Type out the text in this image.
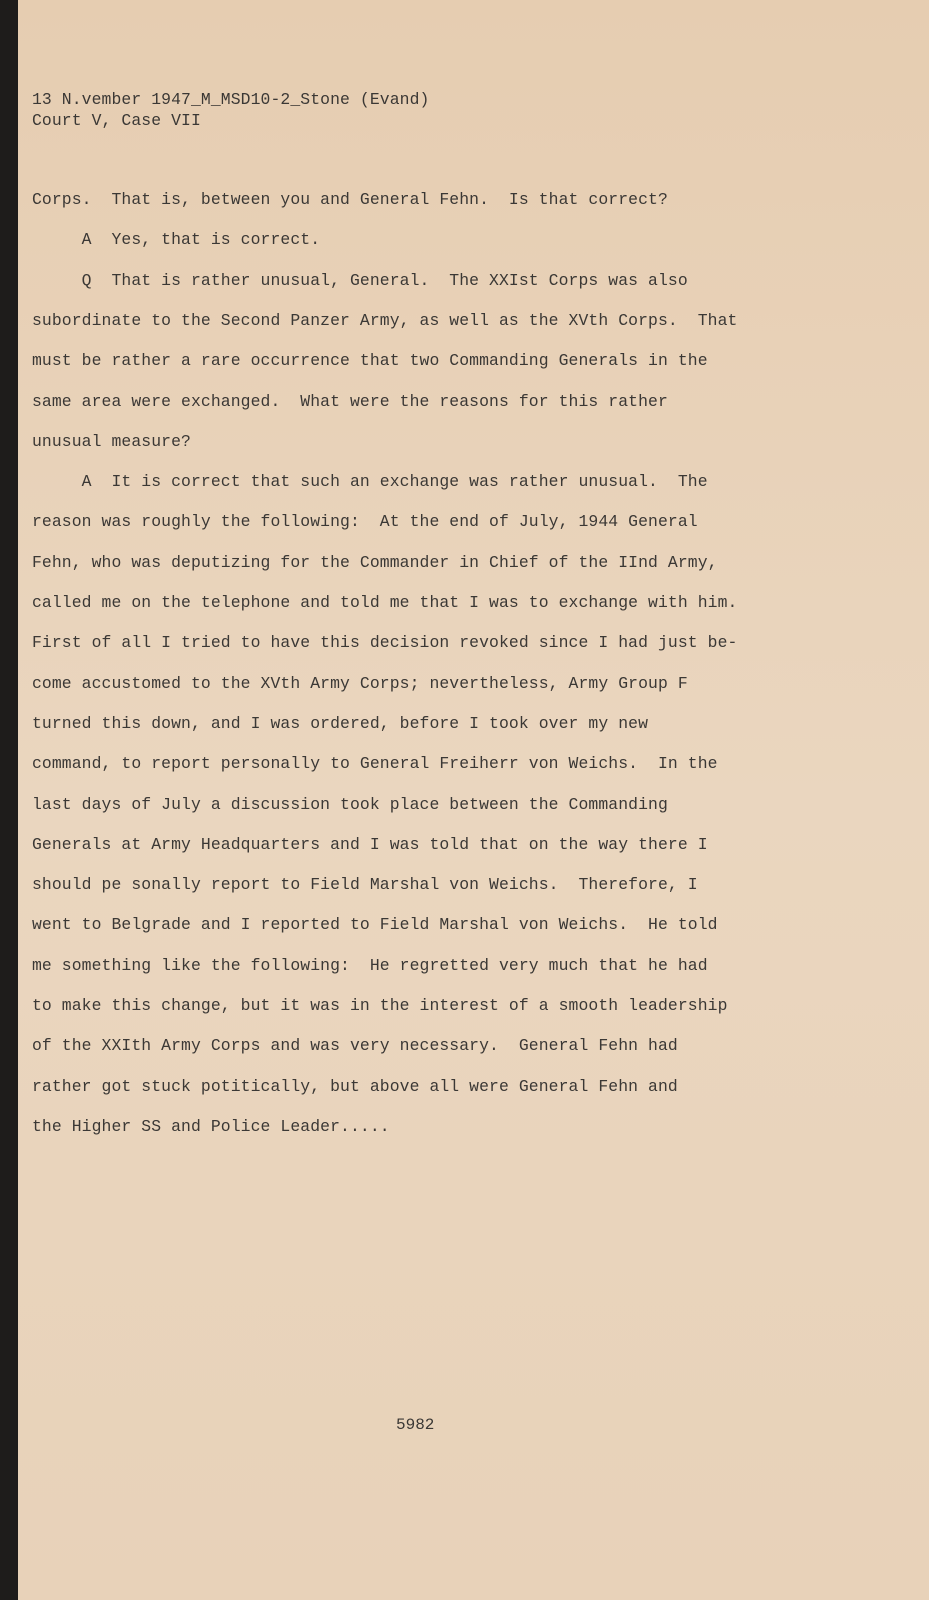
13 N.vember 1947_M_MSD10-2_Stone (Evand)
Court V, Case VII
Corps.  That is, between you and General Fehn.  Is that correct?
A  Yes, that is correct.
Q  That is rather unusual, General.  The XXIst Corps was also
subordinate to the Second Panzer Army, as well as the XVth Corps.  That
must be rather a rare occurrence that two Commanding Generals in the
same area were exchanged.  What were the reasons for this rather
unusual measure?
A  It is correct that such an exchange was rather unusual.  The
reason was roughly the following:  At the end of July, 1944 General
Fehn, who was deputizing for the Commander in Chief of the IInd Army,
called me on the telephone and told me that I was to exchange with him.
First of all I tried to have this decision revoked since I had just be-
come accustomed to the XVth Army Corps; nevertheless, Army Group F
turned this down, and I was ordered, before I took over my new
command, to report personally to General Freiherr von Weichs.  In the
last days of July a discussion took place between the Commanding
Generals at Army Headquarters and I was told that on the way there I
should pe sonally report to Field Marshal von Weichs.  Therefore, I
went to Belgrade and I reported to Field Marshal von Weichs.  He told
me something like the following:  He regretted very much that he had
to make this change, but it was in the interest of a smooth leadership
of the XXIth Army Corps and was very necessary.  General Fehn had
rather got stuck potitically, but above all were General Fehn and
the Higher SS and Police Leader.....
5982
